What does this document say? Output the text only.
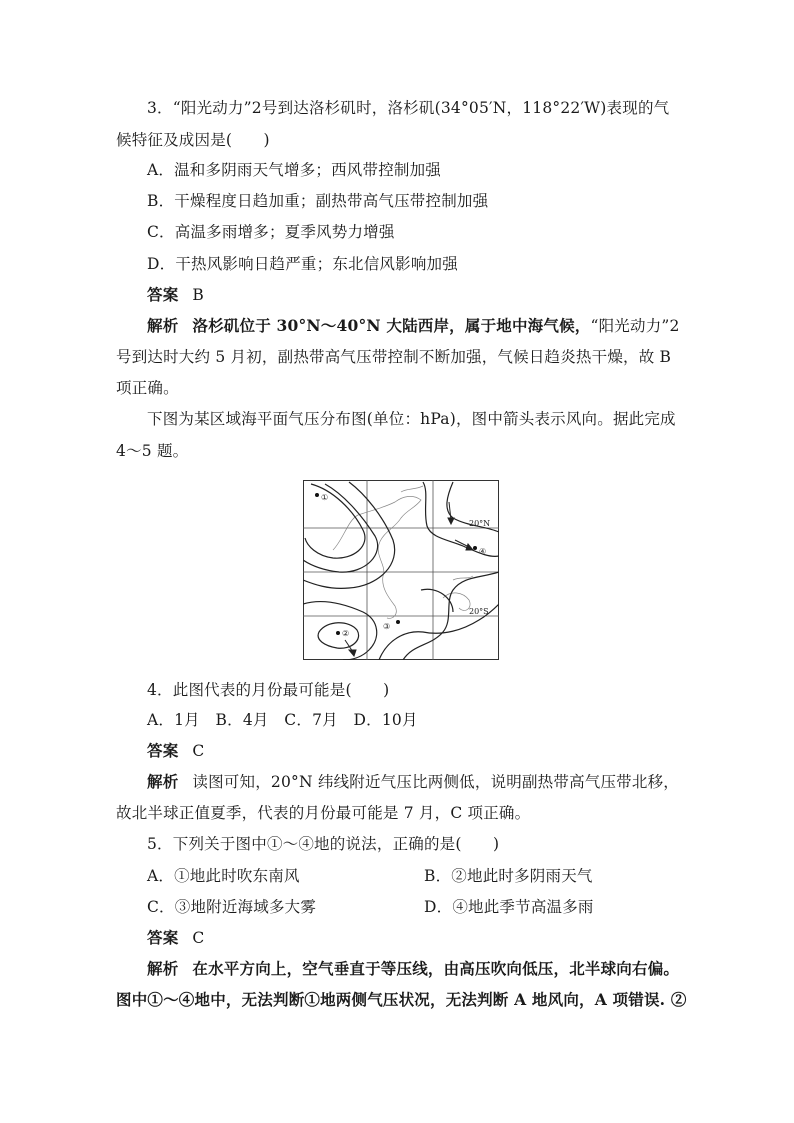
3．“阳光动力”2号到达洛杉矶时，洛杉矶(34°05′N，118°22′W)表现的气
候特征及成因是(　　)
A．温和多阴雨天气增多；西风带控制加强
B．干燥程度日趋加重；副热带高气压带控制加强
C．高温多雨增多；夏季风势力增强
D．干热风影响日趋严重；东北信风影响加强
答案 B
解析 洛杉矶位于 30°N～40°N 大陆西岸，属于地中海气候，“阳光动力”2
号到达时大约 5 月初，副热带高气压带控制不断加强，气候日趋炎热干燥，故 B
项正确。
下图为某区域海平面气压分布图(单位：hPa)，图中箭头表示风向。据此完成
4～5 题。
①
②
③
④
20°N
20°S
4．此图代表的月份最可能是(　　)
A．1月　B．4月　C．7月　D．10月
答案 C
解析 读图可知，20°N 纬线附近气压比两侧低，说明副热带高气压带北移，
故北半球正值夏季，代表的月份最可能是 7 月，C 项正确。
5．下列关于图中①～④地的说法，正确的是(　　)
A．①地此时吹东南风	B．②地此时多阴雨天气
C．③地附近海域多大雾	D．④地此季节高温多雨
答案 C
解析 在水平方向上，空气垂直于等压线，由高压吹向低压，北半球向右偏。
图中①～④地中，无法判断①地两侧气压状况，无法判断 A 地风向，A 项错误. ②
